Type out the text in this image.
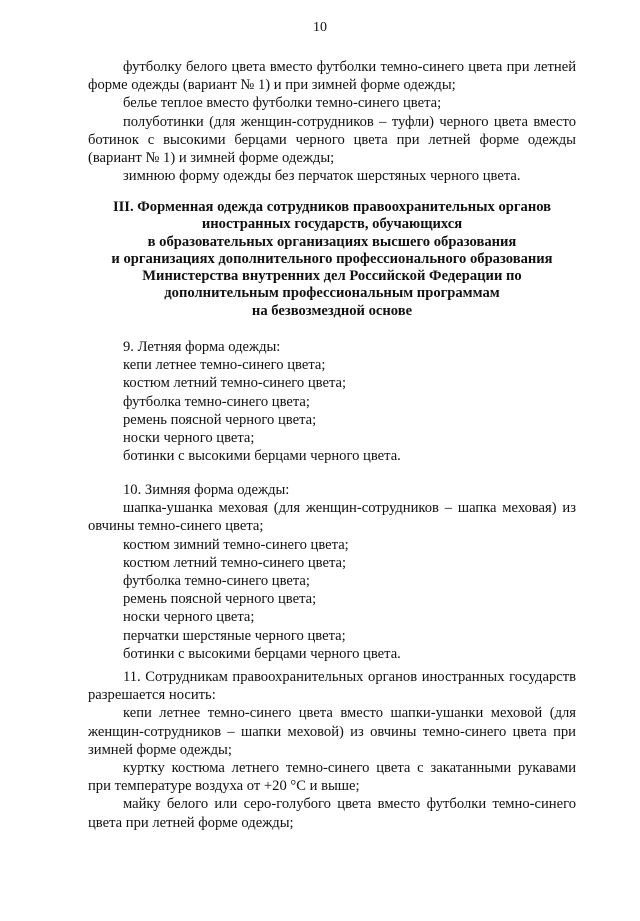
10

футболку белого цвета вместо футболки темно-синего цвета при летней форме одежды (вариант № 1) и при зимней форме одежды;

белье теплое вместо футболки темно-синего цвета;

полуботинки (для женщин-сотрудников – туфли) черного цвета вместо ботинок с высокими берцами черного цвета при летней форме одежды (вариант № 1) и зимней форме одежды;

зимнюю форму одежды без перчаток шерстяных черного цвета.

III. Форменная одежда сотрудников правоохранительных органов
иностранных государств, обучающихся
в образовательных организациях высшего образования
и организациях дополнительного профессионального образования
Министерства внутренних дел Российской Федерации по
дополнительным профессиональным программам
на безвозмездной основе

9. Летняя форма одежды:

кепи летнее темно-синего цвета;

костюм летний темно-синего цвета;

футболка темно-синего цвета;

ремень поясной черного цвета;

носки черного цвета;

ботинки с высокими берцами черного цвета.

10. Зимняя форма одежды:

шапка-ушанка меховая (для женщин-сотрудников – шапка меховая) из овчины темно-синего цвета;

костюм зимний темно-синего цвета;

костюм летний темно-синего цвета;

футболка темно-синего цвета;

ремень поясной черного цвета;

носки черного цвета;

перчатки шерстяные черного цвета;

ботинки с высокими берцами черного цвета.

11. Сотрудникам правоохранительных органов иностранных государств разрешается носить:

кепи летнее темно-синего цвета вместо шапки-ушанки меховой (для женщин-сотрудников – шапки меховой) из овчины темно-синего цвета при зимней форме одежды;

куртку костюма летнего темно-синего цвета с закатанными рукавами при температуре воздуха от +20 °С и выше;

майку белого или серо-голубого цвета вместо футболки темно-синего цвета при летней форме одежды;
